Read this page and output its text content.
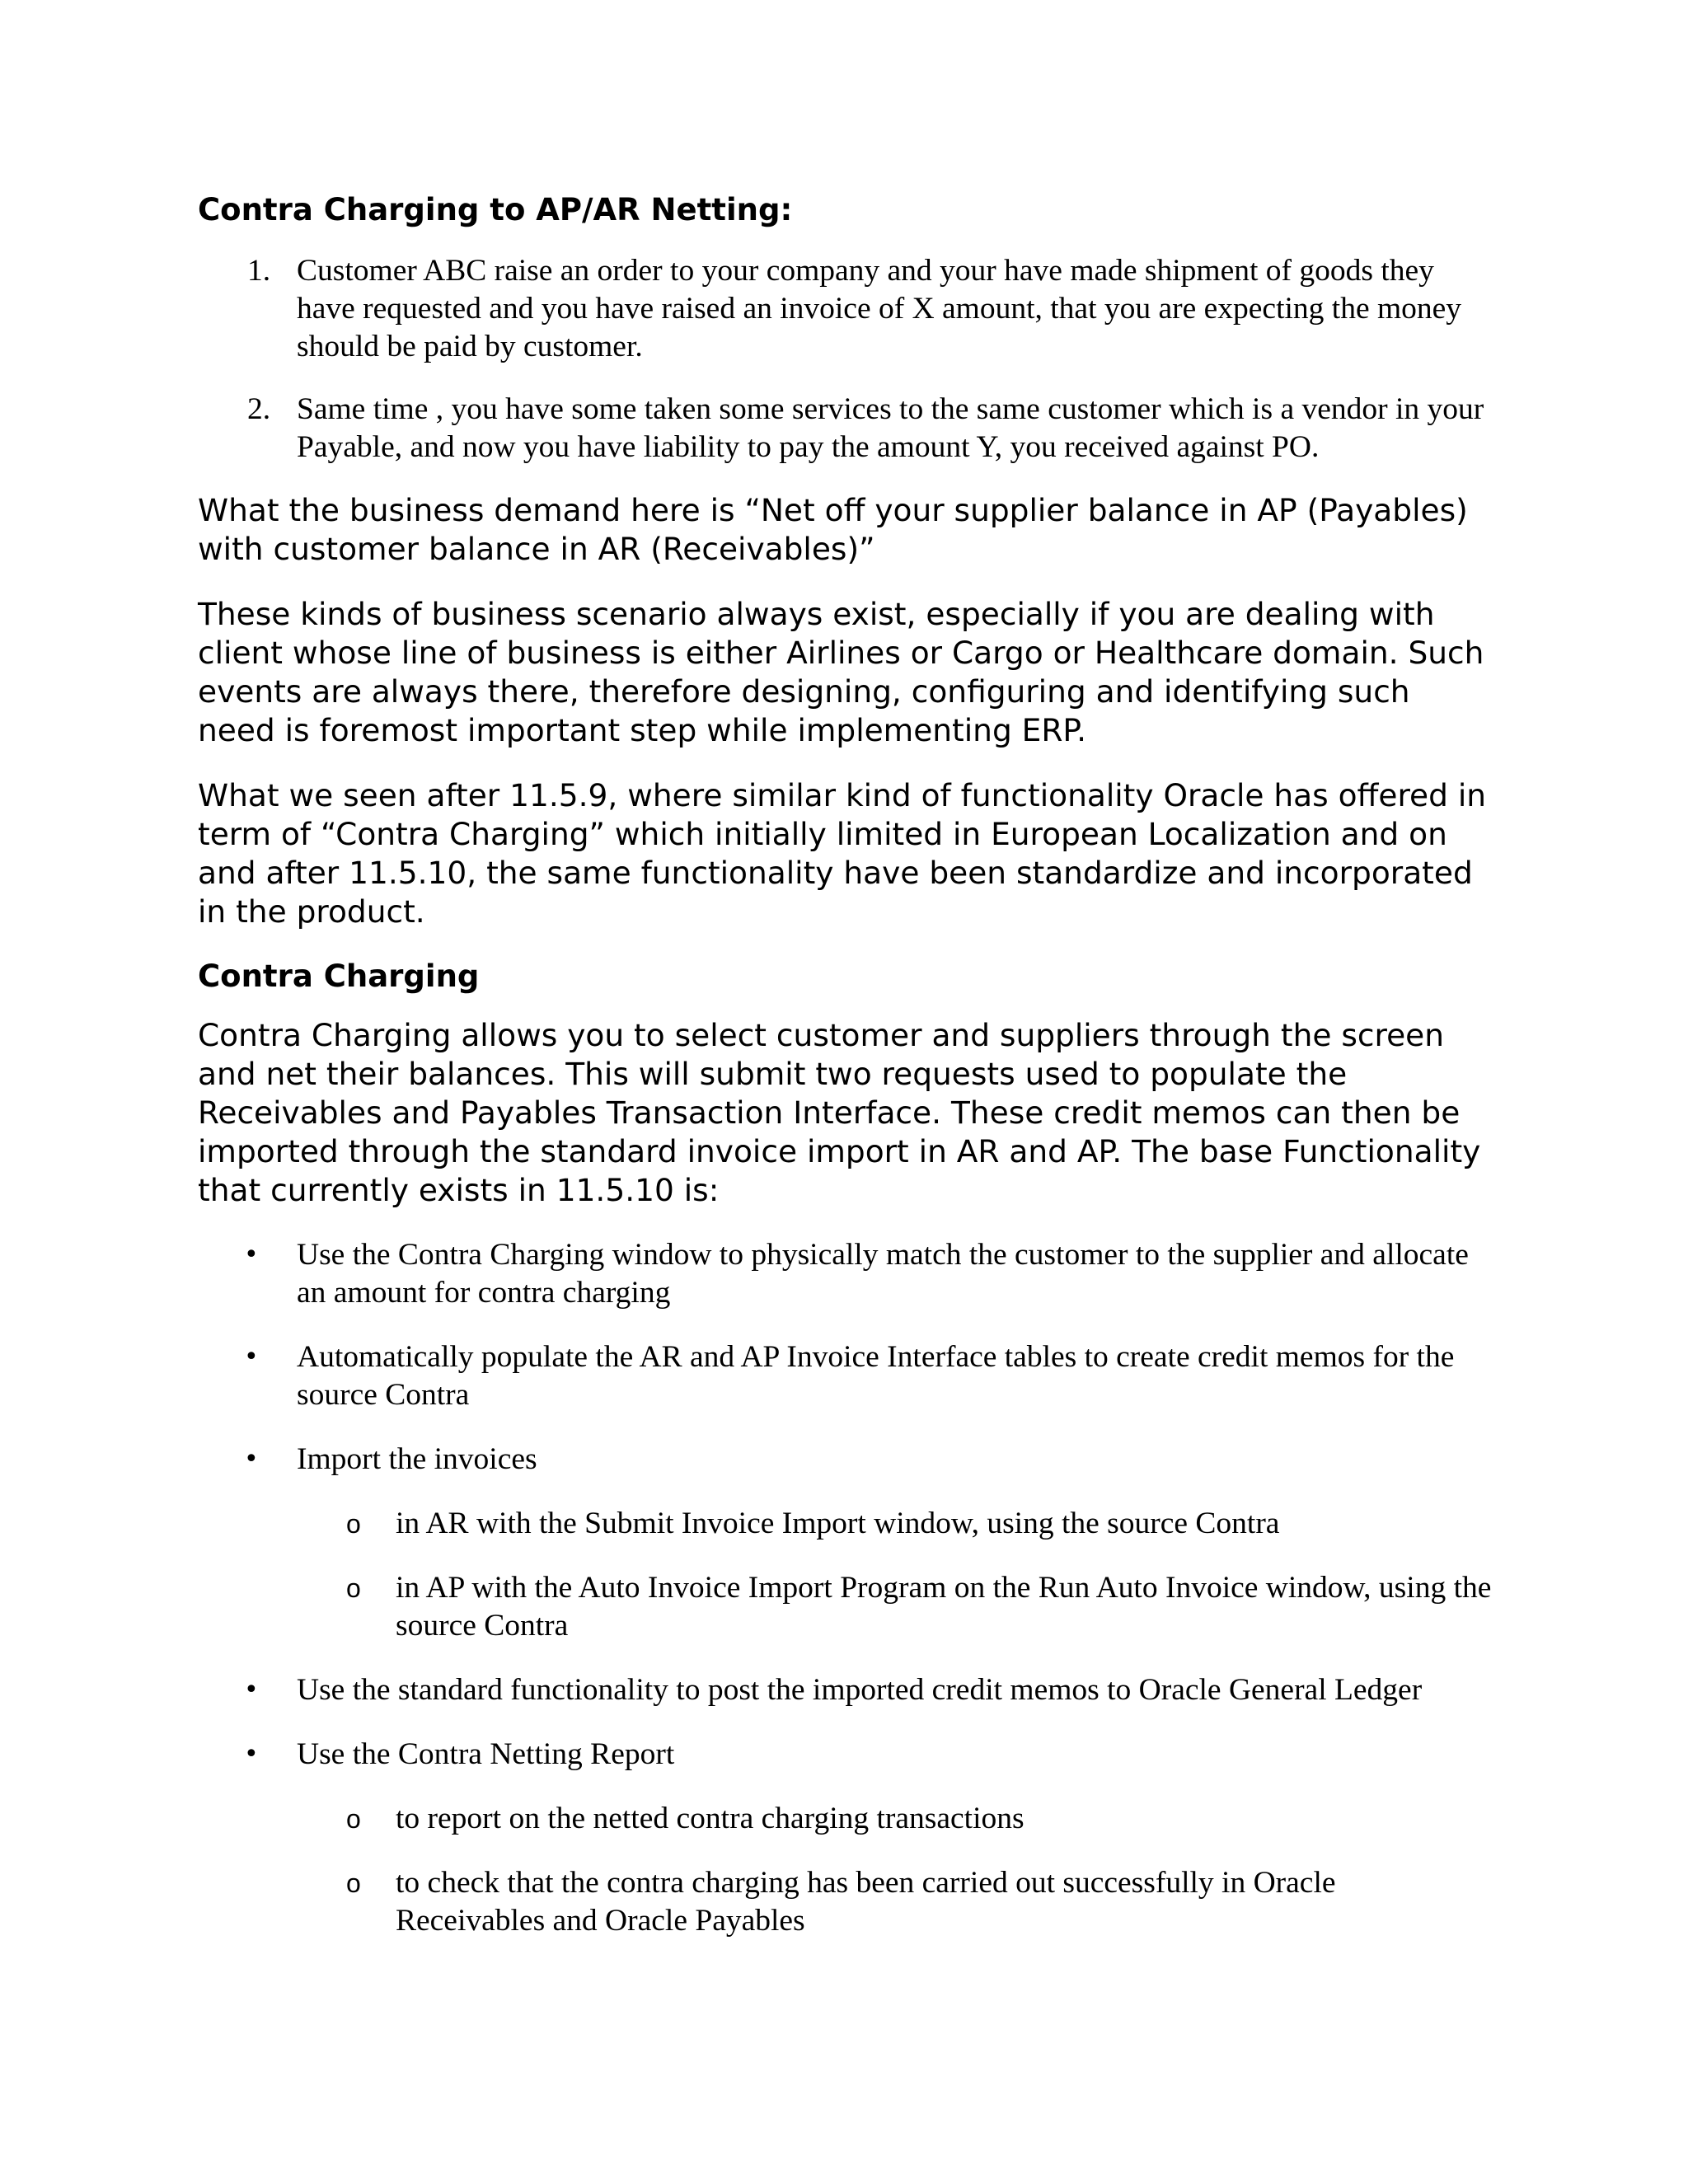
Contra Charging to AP/AR Netting:
1. Customer ABC raise an order to your company and your have made shipment of goods they have requested and you have raised an invoice of X amount, that you are expecting the money should be paid by customer.
2. Same time , you have some taken some services to the same customer which is a vendor in your Payable, and now you have liability to pay the amount Y, you received against PO.

What the business demand here is “Net off your supplier balance in AP (Payables) with customer balance in AR (Receivables)”

These kinds of business scenario always exist, especially if you are dealing with client whose line of business is either Airlines or Cargo or Healthcare domain. Such events are always there, therefore designing, configuring and identifying such need is foremost important step while implementing ERP.

What we seen after 11.5.9, where similar kind of functionality Oracle has offered in term of “Contra Charging” which initially limited in European Localization and on and after 11.5.10, the same functionality have been standardize and incorporated in the product.

Contra Charging

Contra Charging allows you to select customer and suppliers through the screen and net their balances. This will submit two requests used to populate the Receivables and Payables Transaction Interface. These credit memos can then be imported through the standard invoice import in AR and AP. The base Functionality that currently exists in 11.5.10 is:

• Use the Contra Charging window to physically match the customer to the supplier and allocate an amount for contra charging
• Automatically populate the AR and AP Invoice Interface tables to create credit memos for the source Contra
• Import the invoices
o in AR with the Submit Invoice Import window, using the source Contra
o in AP with the Auto Invoice Import Program on the Run Auto Invoice window, using the source Contra
• Use the standard functionality to post the imported credit memos to Oracle General Ledger
• Use the Contra Netting Report
o to report on the netted contra charging transactions
o to check that the contra charging has been carried out successfully in Oracle Receivables and Oracle Payables
